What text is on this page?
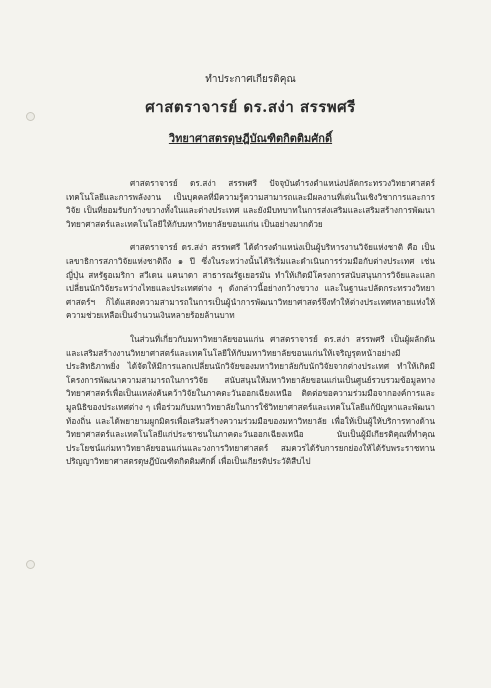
ทำประกาศเกียรติคุณ
ศาสตราจารย์ ดร.สง่า สรรพศรี
วิทยาศาสตรดุษฎีบัณฑิตกิตติมศักดิ์

ศาสตราจารย์ ดร.สง่า สรรพศรี ปัจจุบันดำรงตำแหน่งปลัดกระทรวงวิทยาศาสตร์ เทคโนโลยีและการพลังงาน เป็นบุคคลที่มีความรู้ความสามารถและมีผลงานที่เด่นในเชิงวิชาการและการวิจัย เป็นที่ยอมรับกว้างขวางทั้งในและต่างประเทศ และยังมีบทบาทในการส่งเสริมและเสริมสร้างการพัฒนาวิทยาศาสตร์และเทคโนโลยีให้กับมหาวิทยาลัยขอนแก่น เป็นอย่างมากด้วย

ศาสตราจารย์ ดร.สง่า สรรพศรี ได้ดำรงตำแหน่งเป็นผู้บริหารงานวิจัยแห่งชาติ คือ เป็นเลขาธิการสภาวิจัยแห่งชาติถึง ๑ ปี ซึ่งในระหว่างนั้นได้ริเริ่มและดำเนินการร่วมมือกับต่างประเทศ เช่น ญี่ปุ่น สหรัฐอเมริกา สวีเดน แคนาดา สาธารณรัฐเยอรมัน ทำให้เกิดมีโครงการสนับสนุนการวิจัยและแลกเปลี่ยนนักวิจัยระหว่างไทยและประเทศต่าง ๆ ดังกล่าวนี้อย่างกว้างขวาง และในฐานะปลัดกระทรวงวิทยาศาสตร์ฯ ก็ได้แสดงความสามารถในการเป็นผู้นำการพัฒนาวิทยาศาสตร์จึงทำให้ต่างประเทศหลายแห่งให้ความช่วยเหลือเป็นจำนวนเงินหลายร้อยล้านบาท

ในส่วนที่เกี่ยวกับมหาวิทยาลัยขอนแก่น ศาสตราจารย์ ดร.สง่า สรรพศรี เป็นผู้ผลักดันและเสริมสร้างงานวิทยาศาสตร์และเทคโนโลยีให้กับมหาวิทยาลัยขอนแก่นให้เจริญรุดหน้าอย่างมีประสิทธิภาพยิ่ง ได้จัดให้มีการแลกเปลี่ยนนักวิจัยของมหาวิทยาลัยกับนักวิจัยจากต่างประเทศ ทำให้เกิดมีโครงการพัฒนาความสามารถในการวิจัย สนับสนุนให้มหาวิทยาลัยขอนแก่นเป็นศูนย์รวบรวมข้อมูลทางวิทยาศาสตร์เพื่อเป็นแหล่งค้นคว้าวิจัยในภาคตะวันออกเฉียงเหนือ ติดต่อขอความร่วมมือจากองค์การและมูลนิธิของประเทศต่าง ๆ เพื่อร่วมกับมหาวิทยาลัยในการใช้วิทยาศาสตร์และเทคโนโลยีแก้ปัญหาและพัฒนาท้องถิ่น และได้พยายามผูกมิตรเพื่อเสริมสร้างความร่วมมือของมหาวิทยาลัย เพื่อให้เป็นผู้ให้บริการทางด้านวิทยาศาสตร์และเทคโนโลยีแก่ประชาชนในภาคตะวันออกเฉียงเหนือ นับเป็นผู้มีเกียรติคุณที่ทำคุณประโยชน์แก่มหาวิทยาลัยขอนแก่นและวงการวิทยาศาสตร์ สมควรได้รับการยกย่องให้ได้รับพระราชทานปริญญาวิทยาศาสตรดุษฎีบัณฑิตกิตติมศักดิ์ เพื่อเป็นเกียรติประวัติสืบไป
